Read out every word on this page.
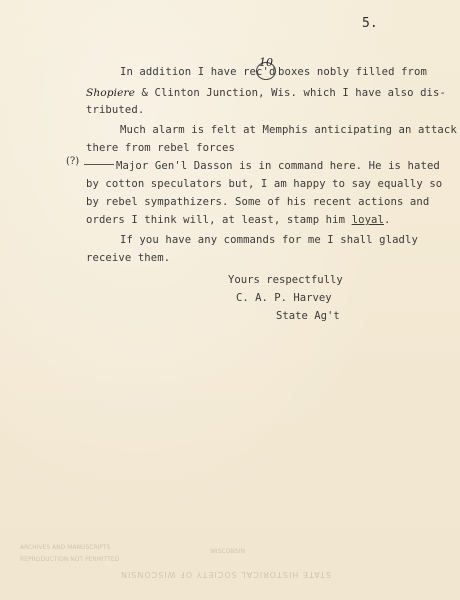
5.
In addition I have rec'd
10
boxes nobly filled from
Shopiere & Clinton Junction, Wis. which I have also dis-
tributed.
Much alarm is felt at Memphis anticipating an attack
there from rebel forces
(?)	Major Gen'l Dasson is in command here. He is hated
by cotton speculators but, I am happy to say equally so
by rebel sympathizers. Some of his recent actions and
orders I think will, at least, stamp him loyal.
If you have any commands for me I shall gladly
receive them.
Yours respectfully
C. A. P. Harvey
State Ag't
WISCONSIN
ARCHIVES AND MANUSCRIPTS
REPRODUCTION NOT PERMITTED
STATE HISTORICAL SOCIETY OF WISCONSIN
